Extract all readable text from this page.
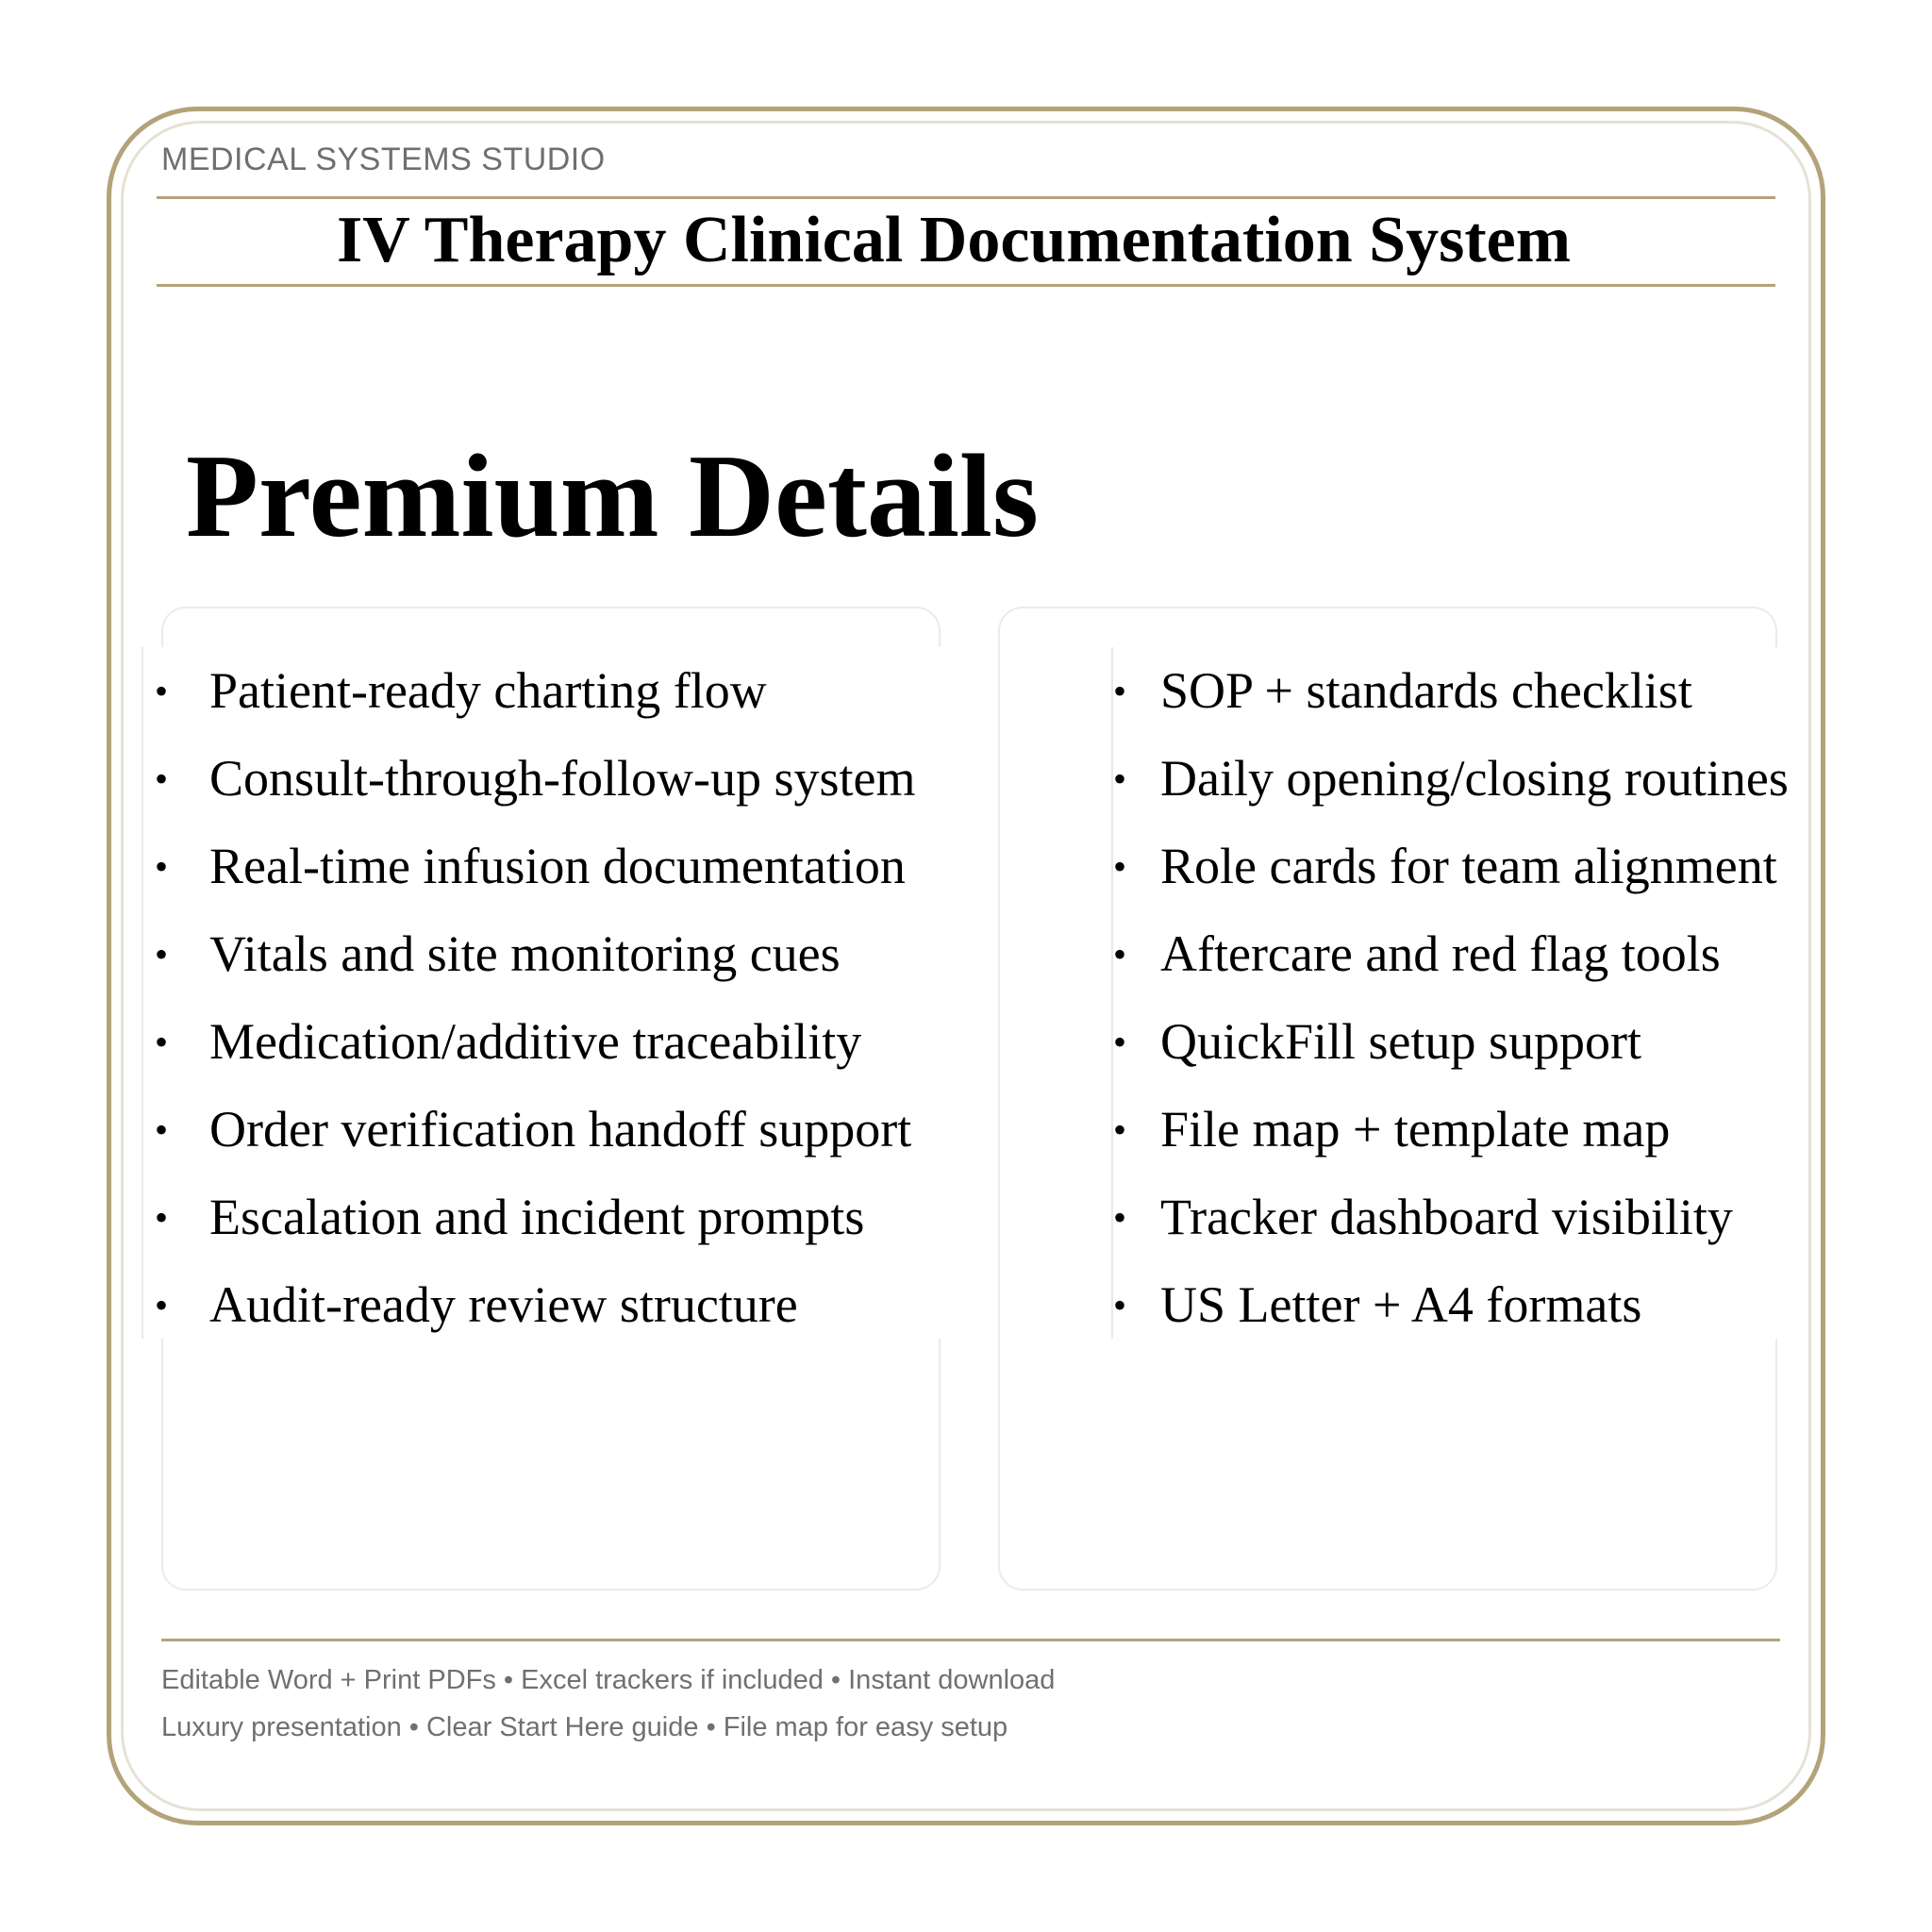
MEDICAL SYSTEMS STUDIO

IV Therapy Clinical Documentation System
Premium Details
• Patient-ready charting flow
• Consult-through-follow-up system
• Real-time infusion documentation
• Vitals and site monitoring cues
• Medication/additive traceability
• Order verification handoff support
• Escalation and incident prompts
• Audit-ready review structure
• SOP + standards checklist
• Daily opening/closing routines
• Role cards for team alignment
• Aftercare and red flag tools
• QuickFill setup support
• File map + template map
• Tracker dashboard visibility
• US Letter + A4 formats

Editable Word + Print PDFs • Excel trackers if included • Instant download

Luxury presentation • Clear Start Here guide • File map for easy setup
